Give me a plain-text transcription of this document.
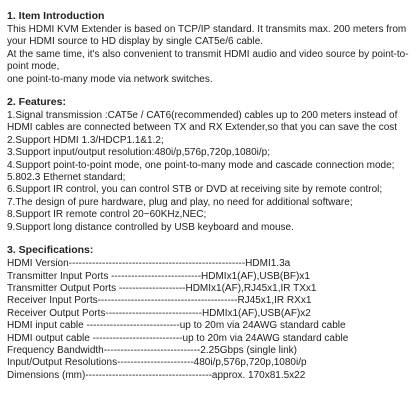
1. Item Introduction

This HDMI KVM Extender is based on TCP/IP standard. It transmits max. 200 meters from your HDMI source to HD display by single CAT5e/6 cable.

At the same time, it's also convenient to transmit HDMI audio and video source by point-to-point mode,

one point-to-many mode via network switches.

2. Features:

1.Signal transmission :CAT5e / CAT6(recommended) cables up to 200 meters instead of HDMI cables are connected between TX and RX Extender,so that you can save the cost

2.Support HDMI 1.3/HDCP1.1&1.2;

3.Support input/output resolution:480i/p,576p,720p,1080i/p;

4.Support point-to-point mode, one point-to-many mode and cascade connection mode;

5.802.3 Ethernet standard;

6.Support IR control, you can control STB or DVD at receiving site by remote control;

7.The design of pure hardware, plug and play, no need for additional software;

8.Support IR remote control 20~60KHz,NEC;

9.Support long distance controlled by USB keyboard and mouse.

3. Specifications:
HDMI Version-----------------------------------------------------HDMI1.3a
Transmitter Input Ports ---------------------------HDMIx1(AF),USB(BF)x1
Transmitter Output Ports --------------------HDMIx1(AF),RJ45x1,IR TXx1
Receiver Input Ports------------------------------------------RJ45x1,IR RXx1
Receiver Output Ports-----------------------------HDMIx1(AF),USB(AF)x2
HDMI input cable ----------------------------up to 20m via 24AWG standard cable
HDMI output cable ---------------------------up to 20m via 24AWG standard cable
Frequency Bandwidth-----------------------------2.25Gbps (single link)
Input/Output Resolutions-----------------------480i/p,576p,720p,1080i/p
Dimensions (mm)--------------------------------------approx. 170x81.5x22
